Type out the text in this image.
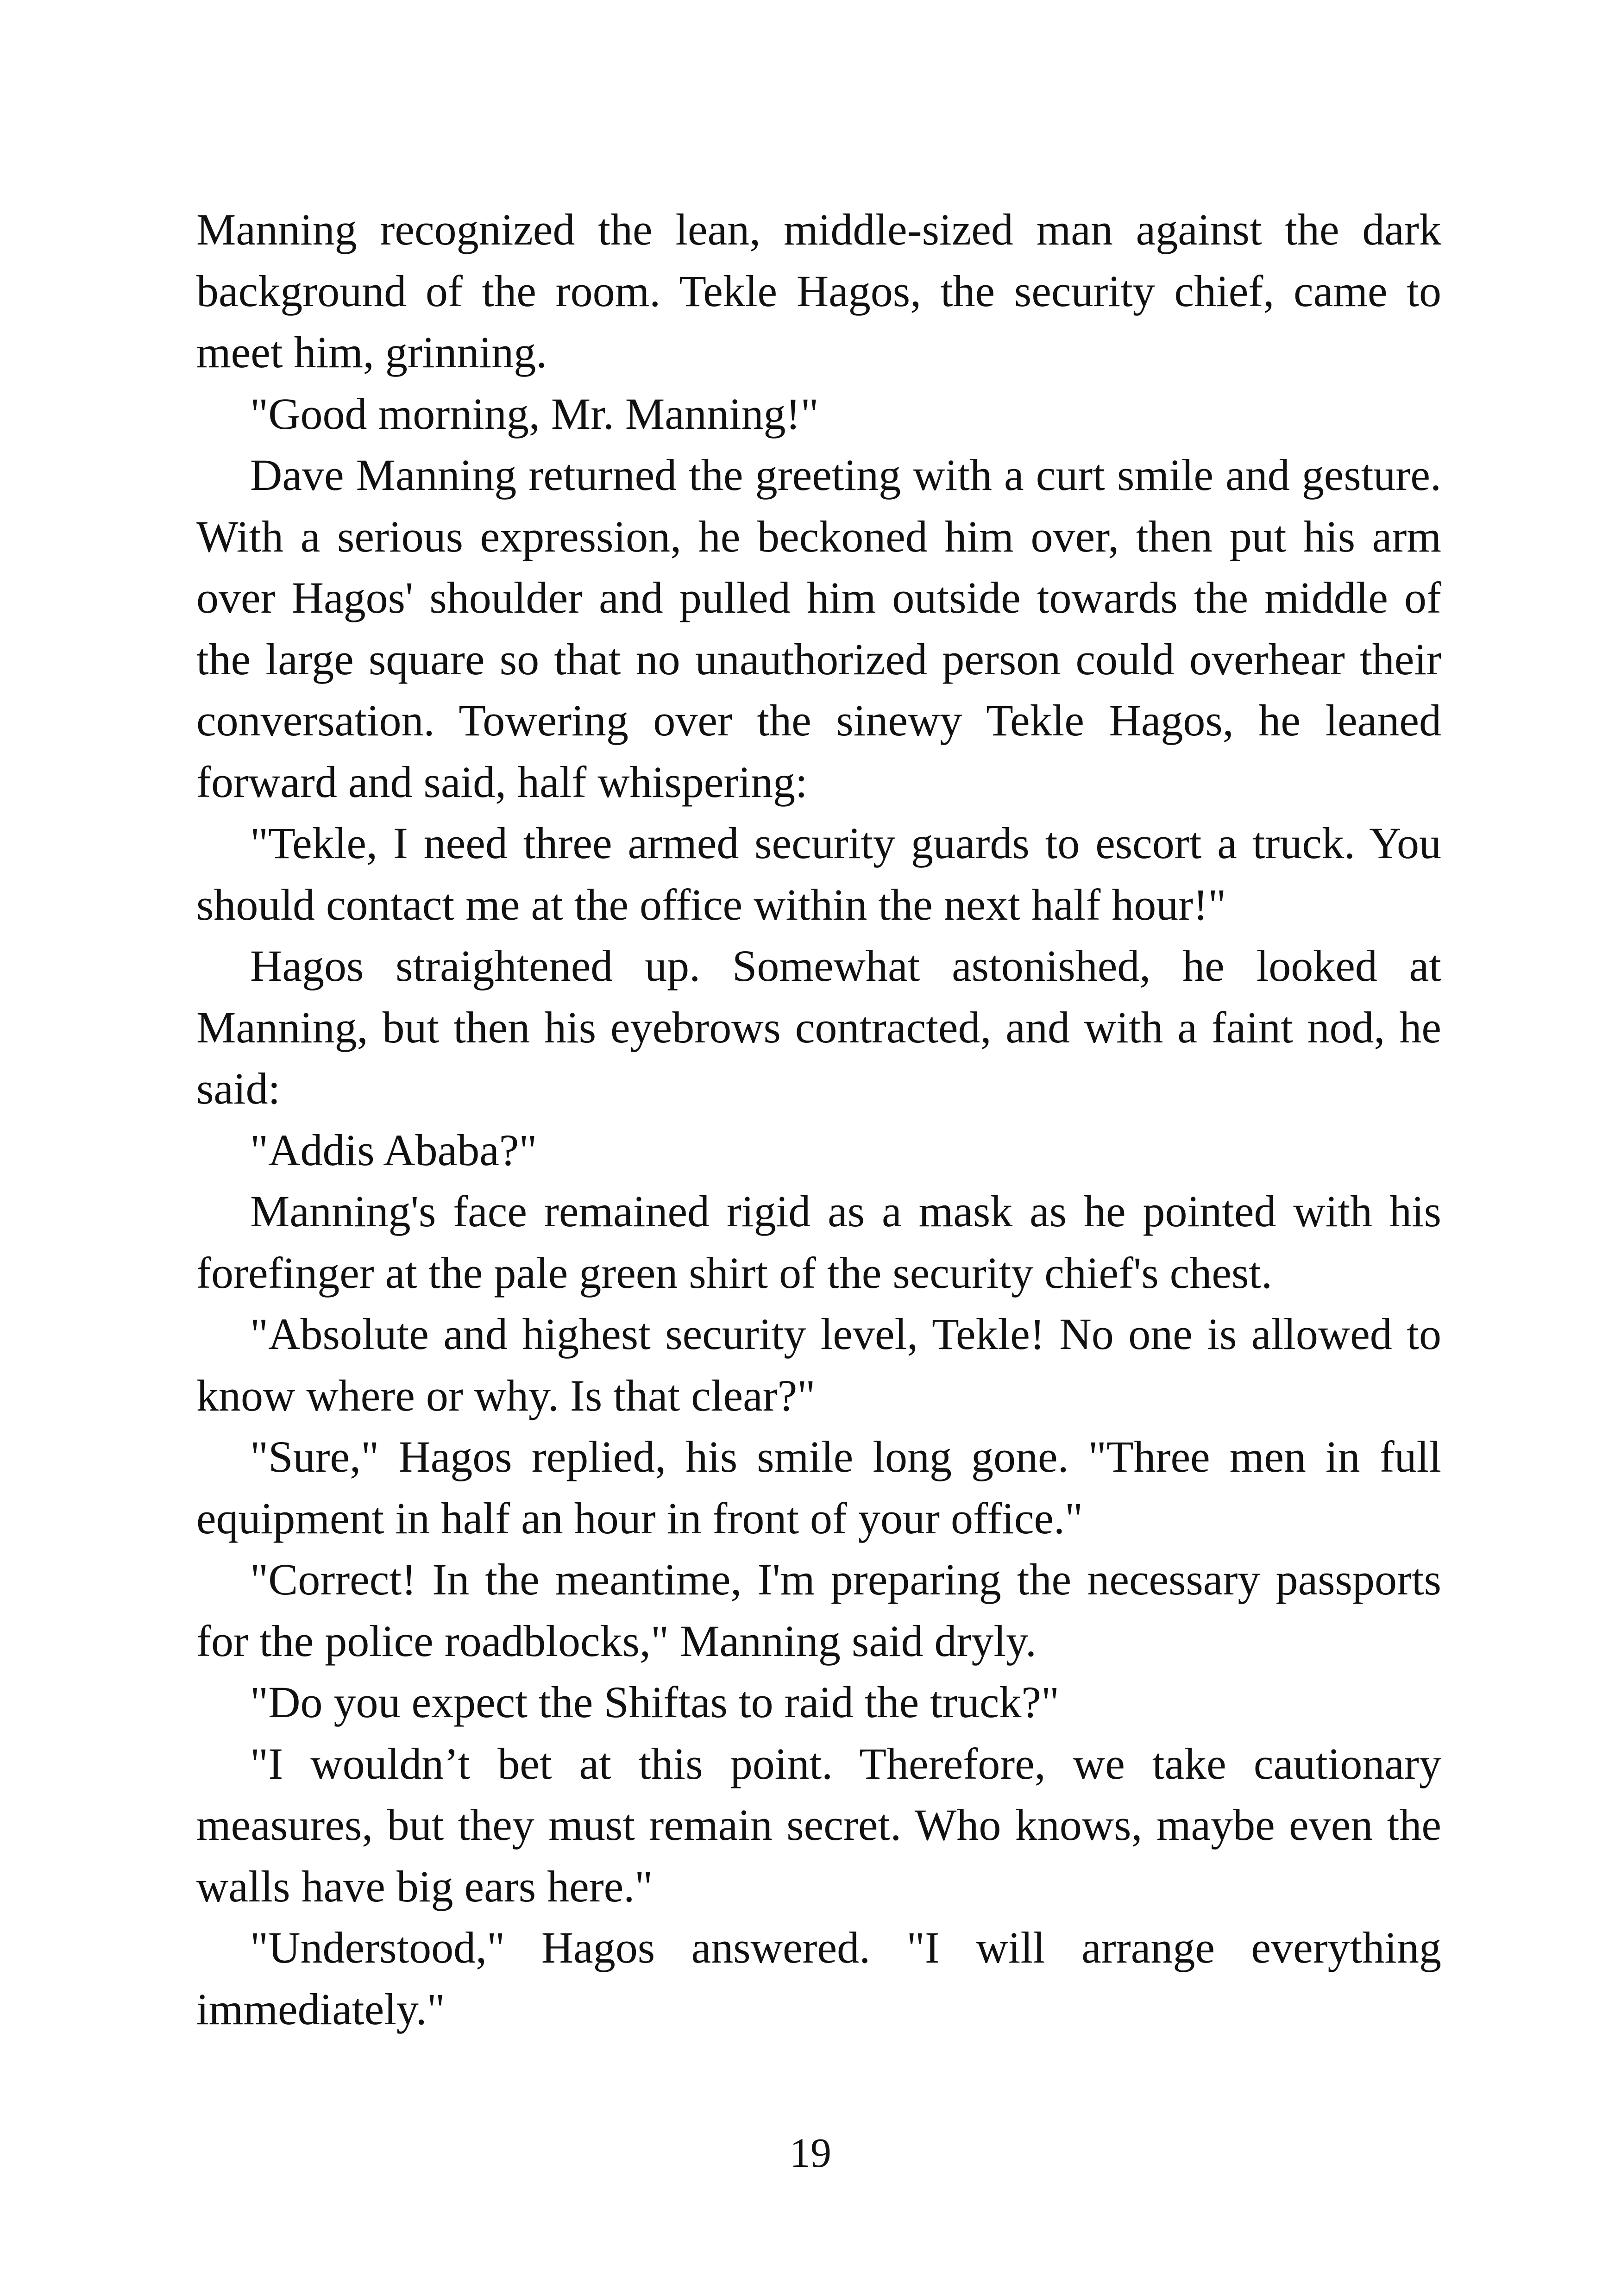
Manning recognized the lean, middle-sized man against the dark background of the room. Tekle Hagos, the security chief, came to meet him, grinning.

"Good morning, Mr. Manning!"

Dave Manning returned the greeting with a curt smile and gesture. With a serious expression, he beckoned him over, then put his arm over Hagos' shoulder and pulled him outside towards the middle of the large square so that no unauthorized person could overhear their conversation. Towering over the sinewy Tekle Hagos, he leaned forward and said, half whispering:

"Tekle, I need three armed security guards to escort a truck. You should contact me at the office within the next half hour!"

Hagos straightened up. Somewhat astonished, he looked at Manning, but then his eyebrows contracted, and with a faint nod, he said:

"Addis Ababa?"

Manning's face remained rigid as a mask as he pointed with his forefinger at the pale green shirt of the security chief's chest.

"Absolute and highest security level, Tekle! No one is allowed to know where or why. Is that clear?"

"Sure," Hagos replied, his smile long gone. "Three men in full equipment in half an hour in front of your office."

"Correct! In the meantime, I'm preparing the necessary passports for the police roadblocks," Manning said dryly.

"Do you expect the Shiftas to raid the truck?"

"I wouldn’t bet at this point. Therefore, we take cautionary measures, but they must remain secret. Who knows, maybe even the walls have big ears here."

"Understood," Hagos answered. "I will arrange everything immediately."

19
